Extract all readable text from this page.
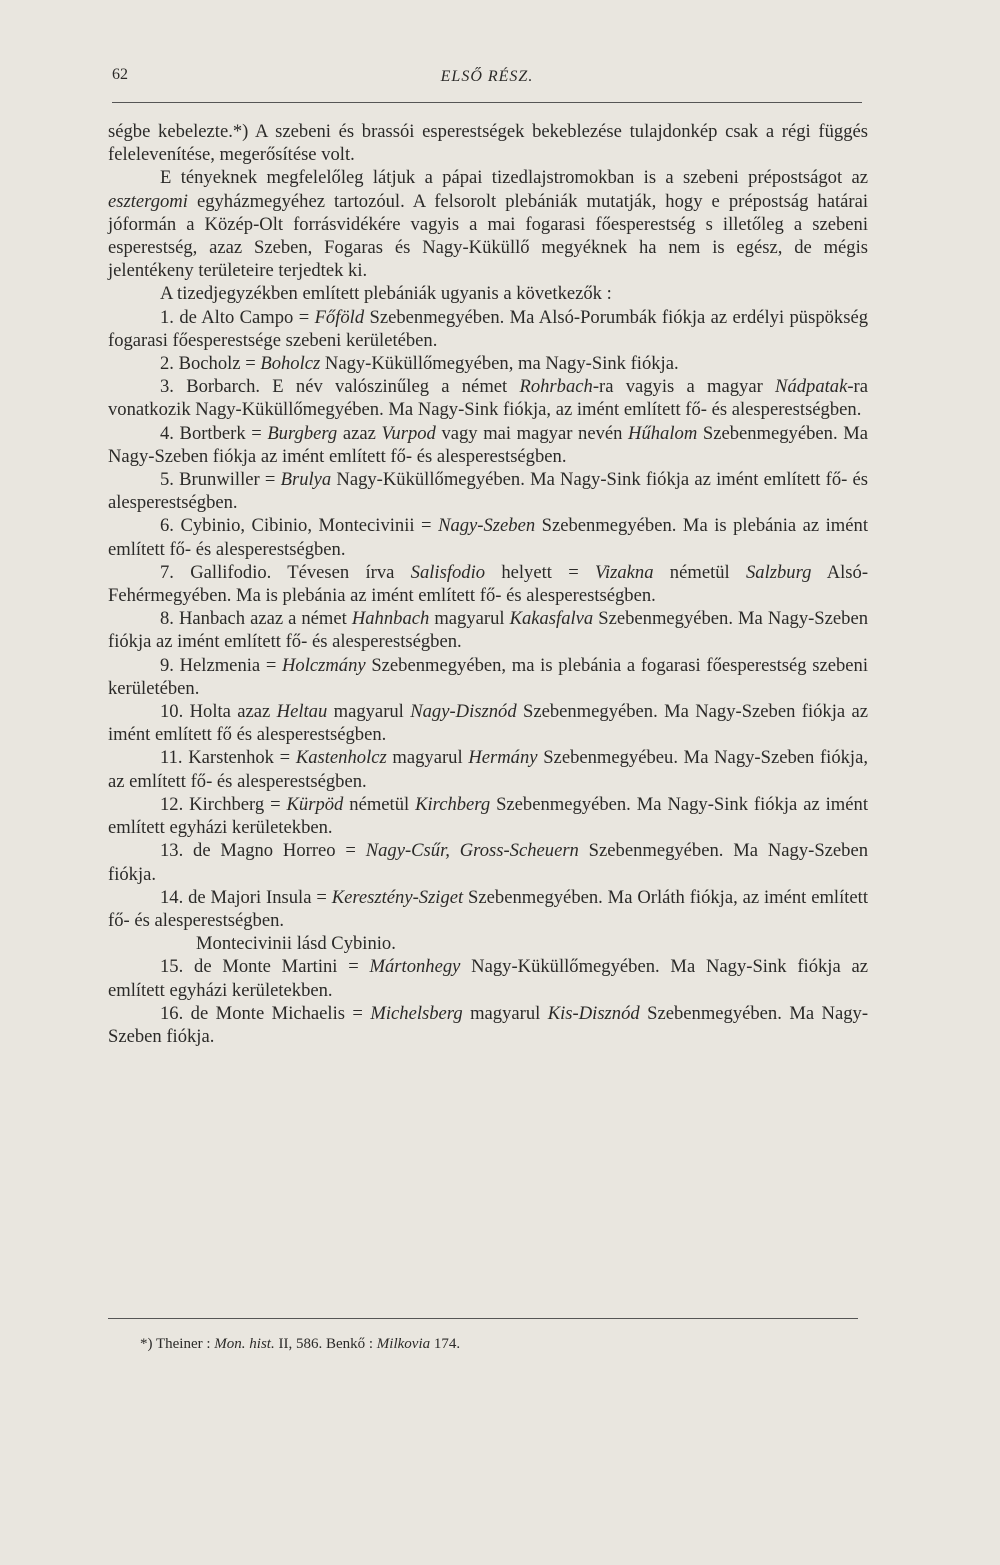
62	ELSŐ RÉSZ.

ségbe kebelezte.*) A szebeni és brassói esperestségek bekeblezése tulajdonkép csak a régi függés felelevenítése, megerősítése volt.

E tényeknek megfelelőleg látjuk a pápai tizedlajstromokban is a szebeni prépostságot az esztergomi egyházmegyéhez tartozóul. A felsorolt plebániák mutatják, hogy e prépostság határai jóformán a Közép-Olt forrásvidékére vagyis a mai fogarasi főesperestség s illetőleg a szebeni esperestség, azaz Szeben, Fogaras és Nagy-Küküllő megyéknek ha nem is egész, de mégis jelentékeny területeire terjedtek ki.

A tizedjegyzékben említett plebániák ugyanis a következők :

1. de Alto Campo = Főföld Szebenmegyében. Ma Alsó-Porumbák fiókja az erdélyi püspökség fogarasi főesperestsége szebeni kerületében.

2. Bocholz = Boholcz Nagy-Küküllőmegyében, ma Nagy-Sink fiókja.

3. Borbarch. E név valószinűleg a német Rohrbach-ra vagyis a magyar Nádpatak-ra vonatkozik Nagy-Küküllőmegyében. Ma Nagy-Sink fiókja, az imént említett fő- és alesperestségben.

4. Bortberk = Burgberg azaz Vurpod vagy mai magyar nevén Hűhalom Szebenmegyében. Ma Nagy-Szeben fiókja az imént említett fő- és alesperestségben.

5. Brunwiller = Brulya Nagy-Küküllőmegyében. Ma Nagy-Sink fiókja az imént említett fő- és alesperestségben.

6. Cybinio, Cibinio, Montecivinii = Nagy-Szeben Szebenmegyében. Ma is plebánia az imént említett fő- és alesperestségben.

7. Gallifodio. Tévesen írva Salisfodio helyett = Vizakna németül Salzburg Alsó-Fehérmegyében. Ma is plebánia az imént említett fő- és alesperestségben.

8. Hanbach azaz a német Hahnbach magyarul Kakasfalva Szebenmegyében. Ma Nagy-Szeben fiókja az imént említett fő- és alesperestségben.

9. Helzmenia = Holczmány Szebenmegyében, ma is plebánia a fogarasi főesperestség szebeni kerületében.

10. Holta azaz Heltau magyarul Nagy-Disznód Szebenmegyében. Ma Nagy-Szeben fiókja az imént említett fő és alesperestségben.

11. Karstenhok = Kastenholcz magyarul Hermány Szebenmegyébeu. Ma Nagy-Szeben fiókja, az említett fő- és alesperestségben.

12. Kirchberg = Kürpöd németül Kirchberg Szebenmegyében. Ma Nagy-Sink fiókja az imént említett egyházi kerületekben.

13. de Magno Horreo = Nagy-Csűr, Gross-Scheuern Szebenmegyében. Ma Nagy-Szeben fiókja.

14. de Majori Insula = Keresztény-Sziget Szebenmegyében. Ma Orláth fiókja, az imént említett fő- és alesperestségben.

Montecivinii lásd Cybinio.

15. de Monte Martini = Mártonhegy Nagy-Küküllőmegyében. Ma Nagy-Sink fiókja az említett egyházi kerületekben.

16. de Monte Michaelis = Michelsberg magyarul Kis-Disznód Szebenmegyében. Ma Nagy-Szeben fiókja.

*) Theiner : Mon. hist. II, 586. Benkő : Milkovia 174.
